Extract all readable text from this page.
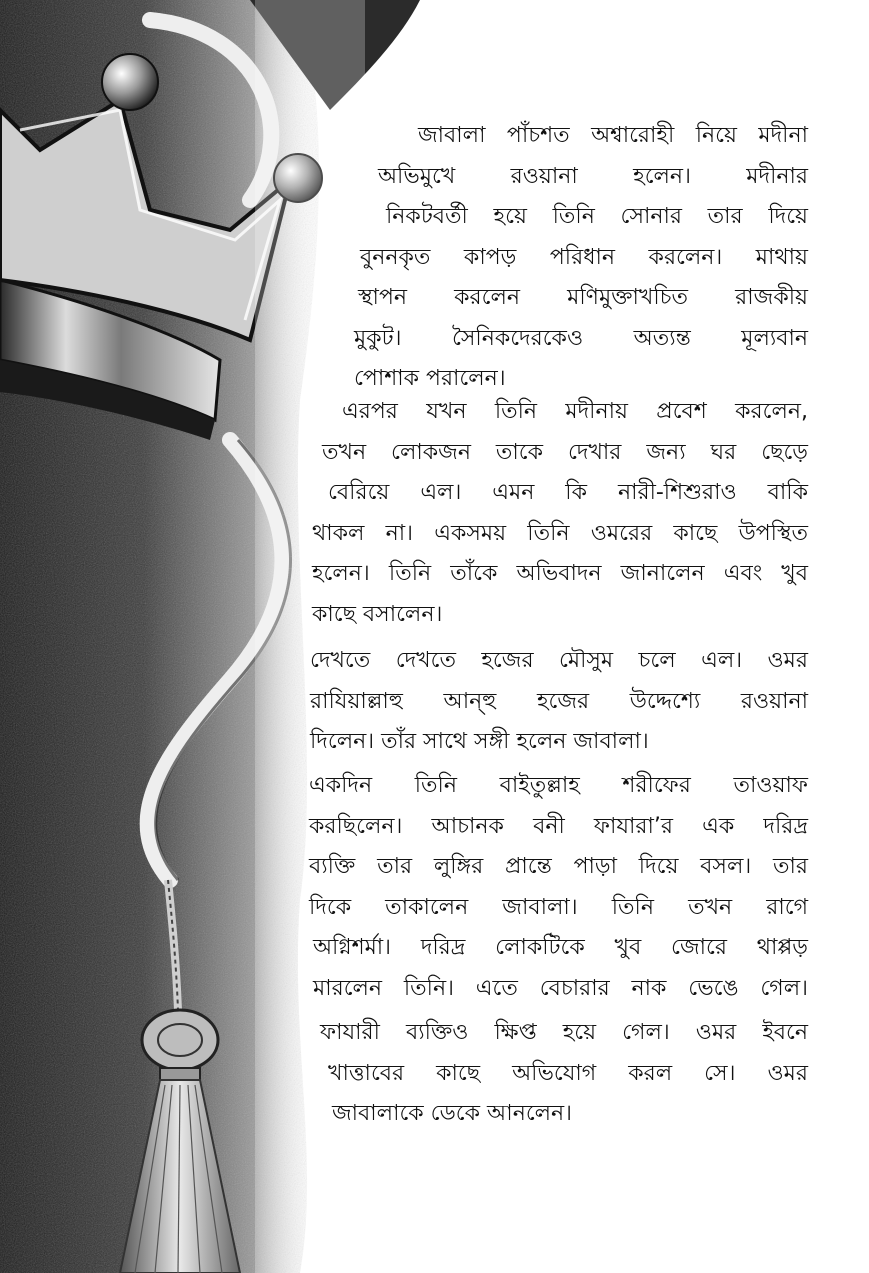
জাবালা পাঁচশত অশ্বারোহী নিয়ে মদীনা
অভিমুখে রওয়ানা হলেন। মদীনার
নিকটবর্তী হয়ে তিনি সোনার তার দিয়ে
বুননকৃত কাপড় পরিধান করলেন। মাথায়
স্থাপন করলেন মণিমুক্তাখচিত রাজকীয়
মুকুট। সৈনিকদেরকেও অত্যন্ত মূল্যবান
পোশাক পরালেন।
এরপর যখন তিনি মদীনায় প্রবেশ করলেন,
তখন লোকজন তাকে দেখার জন্য ঘর ছেড়ে
বেরিয়ে এল। এমন কি নারী-শিশুরাও বাকি
থাকল না। একসময় তিনি ওমরের কাছে উপস্থিত
হলেন। তিনি তাঁকে অভিবাদন জানালেন এবং খুব
কাছে বসালেন।
দেখতে দেখতে হজের মৌসুম চলে এল। ওমর
রাযিয়াল্লাহু আন্হু হজের উদ্দেশ্যে রওয়ানা
দিলেন। তাঁর সাথে সঙ্গী হলেন জাবালা।
একদিন তিনি বাইতুল্লাহ শরীফের তাওয়াফ
করছিলেন। আচানক বনী ফাযারা’র এক দরিদ্র
ব্যক্তি তার লুঙ্গির প্রান্তে পাড়া দিয়ে বসল। তার
দিকে তাকালেন জাবালা। তিনি তখন রাগে
অগ্নিশর্মা। দরিদ্র লোকটিকে খুব জোরে থাপ্পড়
মারলেন তিনি। এতে বেচারার নাক ভেঙে গেল।
ফাযারী ব্যক্তিও ক্ষিপ্ত হয়ে গেল। ওমর ইবনে
খাত্তাবের কাছে অভিযোগ করল সে। ওমর
জাবালাকে ডেকে আনলেন।
